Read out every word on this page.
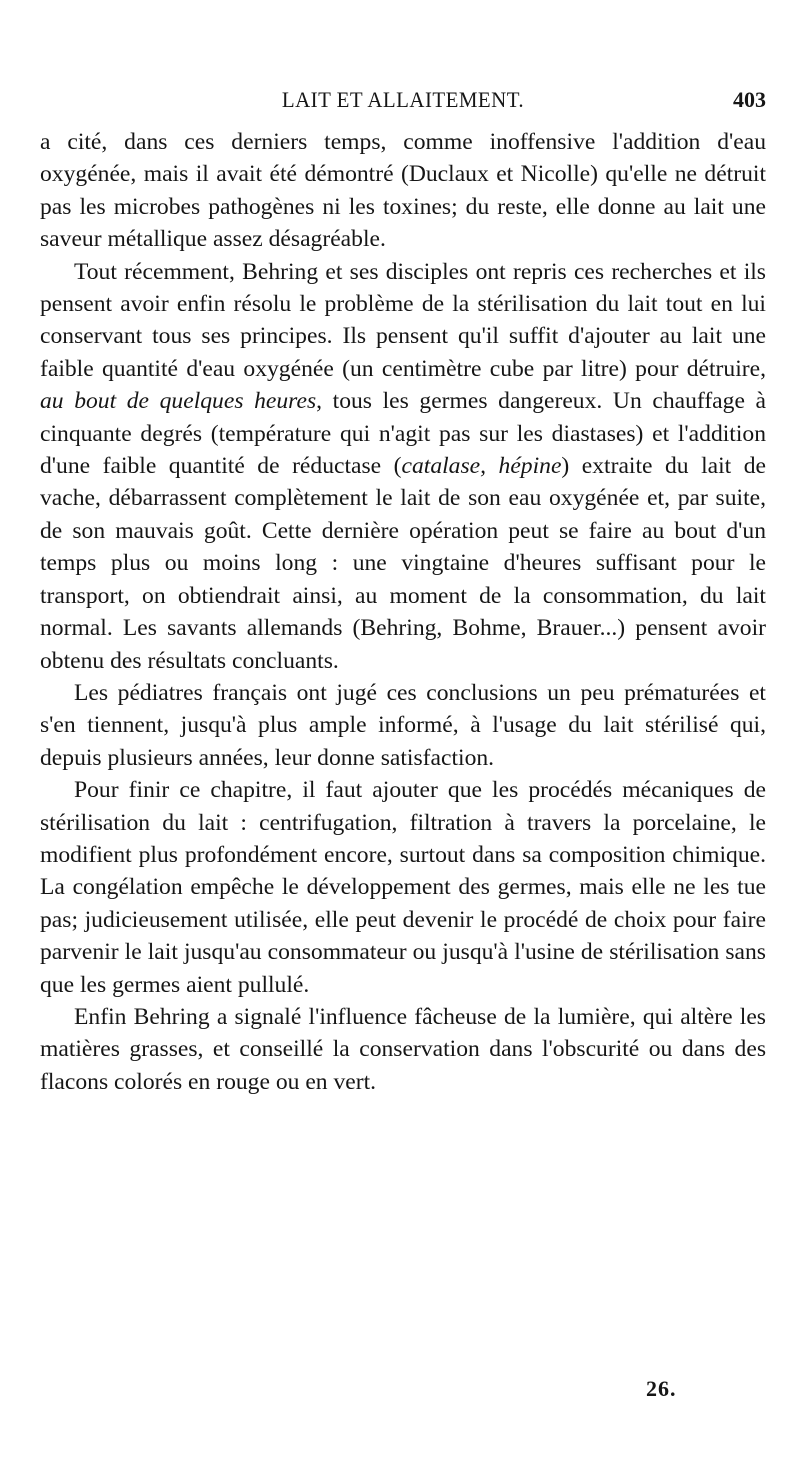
LAIT ET ALLAITEMENT.	403

a cité, dans ces derniers temps, comme inoffensive l'addition d'eau oxygénée, mais il avait été démontré (Duclaux et Nicolle) qu'elle ne détruit pas les microbes pathogènes ni les toxines; du reste, elle donne au lait une saveur métallique assez désagréable.

Tout récemment, Behring et ses disciples ont repris ces recherches et ils pensent avoir enfin résolu le problème de la stérilisation du lait tout en lui conservant tous ses principes. Ils pensent qu'il suffit d'ajouter au lait une faible quantité d'eau oxygénée (un centimètre cube par litre) pour détruire, au bout de quelques heures, tous les germes dangereux. Un chauffage à cinquante degrés (température qui n'agit pas sur les diastases) et l'addition d'une faible quantité de réductase (catalase, hépine) extraite du lait de vache, débarrassent complètement le lait de son eau oxygénée et, par suite, de son mauvais goût. Cette dernière opération peut se faire au bout d'un temps plus ou moins long : une vingtaine d'heures suffisant pour le transport, on obtiendrait ainsi, au moment de la consommation, du lait normal. Les savants allemands (Behring, Bohme, Brauer...) pensent avoir obtenu des résultats concluants.

Les pédiatres français ont jugé ces conclusions un peu prématurées et s'en tiennent, jusqu'à plus ample informé, à l'usage du lait stérilisé qui, depuis plusieurs années, leur donne satisfaction.

Pour finir ce chapitre, il faut ajouter que les procédés mécaniques de stérilisation du lait : centrifugation, filtration à travers la porcelaine, le modifient plus profondément encore, surtout dans sa composition chimique. La congélation empêche le développement des germes, mais elle ne les tue pas; judicieusement utilisée, elle peut devenir le procédé de choix pour faire parvenir le lait jusqu'au consommateur ou jusqu'à l'usine de stérilisation sans que les germes aient pullulé.

Enfin Behring a signalé l'influence fâcheuse de la lumière, qui altère les matières grasses, et conseillé la conservation dans l'obscurité ou dans des flacons colorés en rouge ou en vert.

26.
